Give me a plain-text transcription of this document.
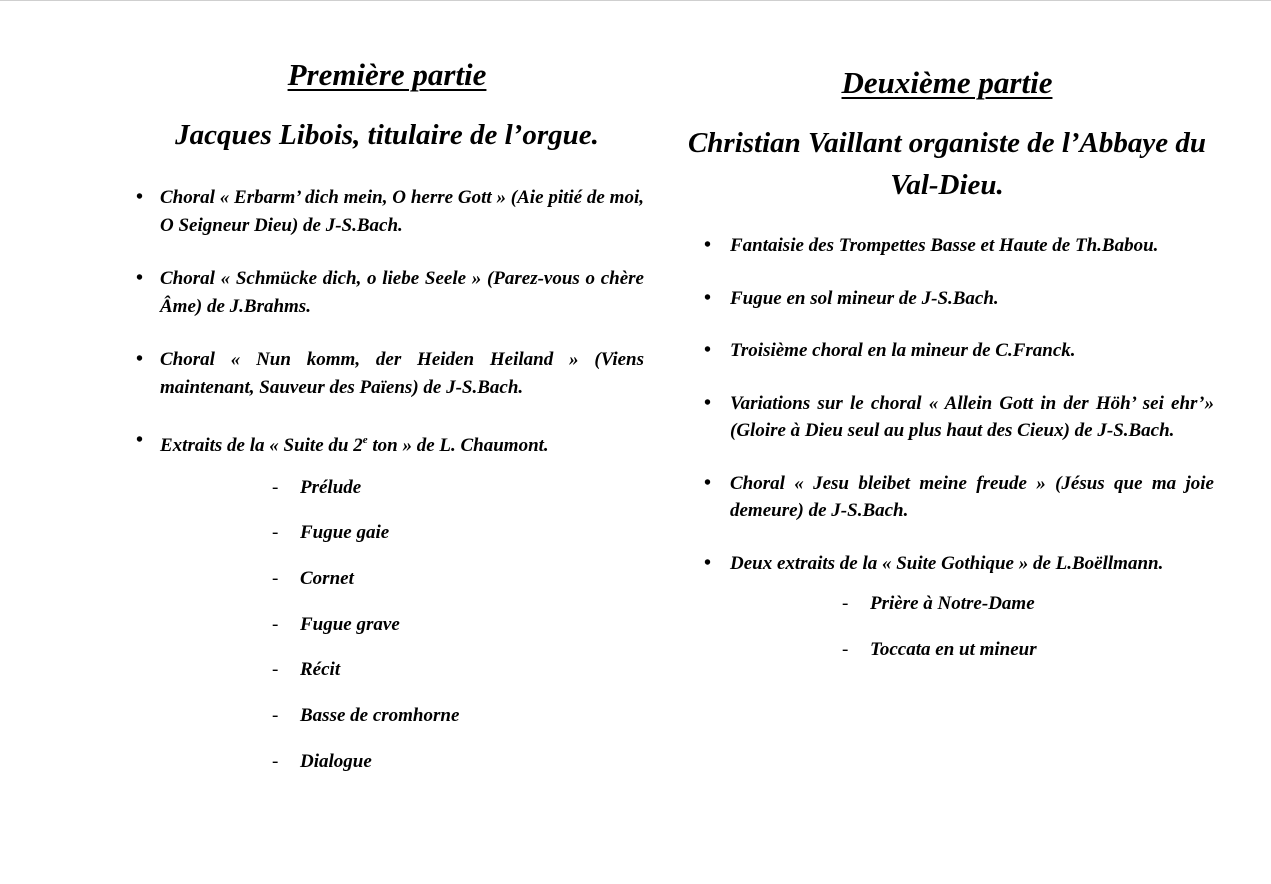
Première partie
Jacques Libois, titulaire de l’orgue.
• Choral « Erbarm’ dich mein, O herre Gott » (Aie pitié de moi, O Seigneur Dieu) de J-S.Bach.
• Choral « Schmücke dich, o liebe Seele » (Parez-vous o chère Âme) de J.Brahms.
• Choral « Nun komm, der Heiden Heiland » (Viens maintenant, Sauveur des Païens) de J-S.Bach.
• Extraits de la « Suite du 2e ton » de L. Chaumont.
- Prélude
- Fugue gaie
- Cornet
- Fugue grave
- Récit
- Basse de cromhorne
- Dialogue
Deuxième partie
Christian Vaillant organiste de l’Abbaye du Val-Dieu.
• Fantaisie des Trompettes Basse et Haute de Th.Babou.
• Fugue en sol mineur de J-S.Bach.
• Troisième choral en la mineur de C.Franck.
• Variations sur le choral « Allein Gott in der Höh’ sei ehr’» (Gloire à Dieu seul au plus haut des Cieux) de J-S.Bach.
• Choral « Jesu bleibet meine freude » (Jésus que ma joie demeure) de J-S.Bach.
• Deux extraits de la « Suite Gothique » de L.Boëllmann.
- Prière à Notre-Dame
- Toccata en ut mineur
